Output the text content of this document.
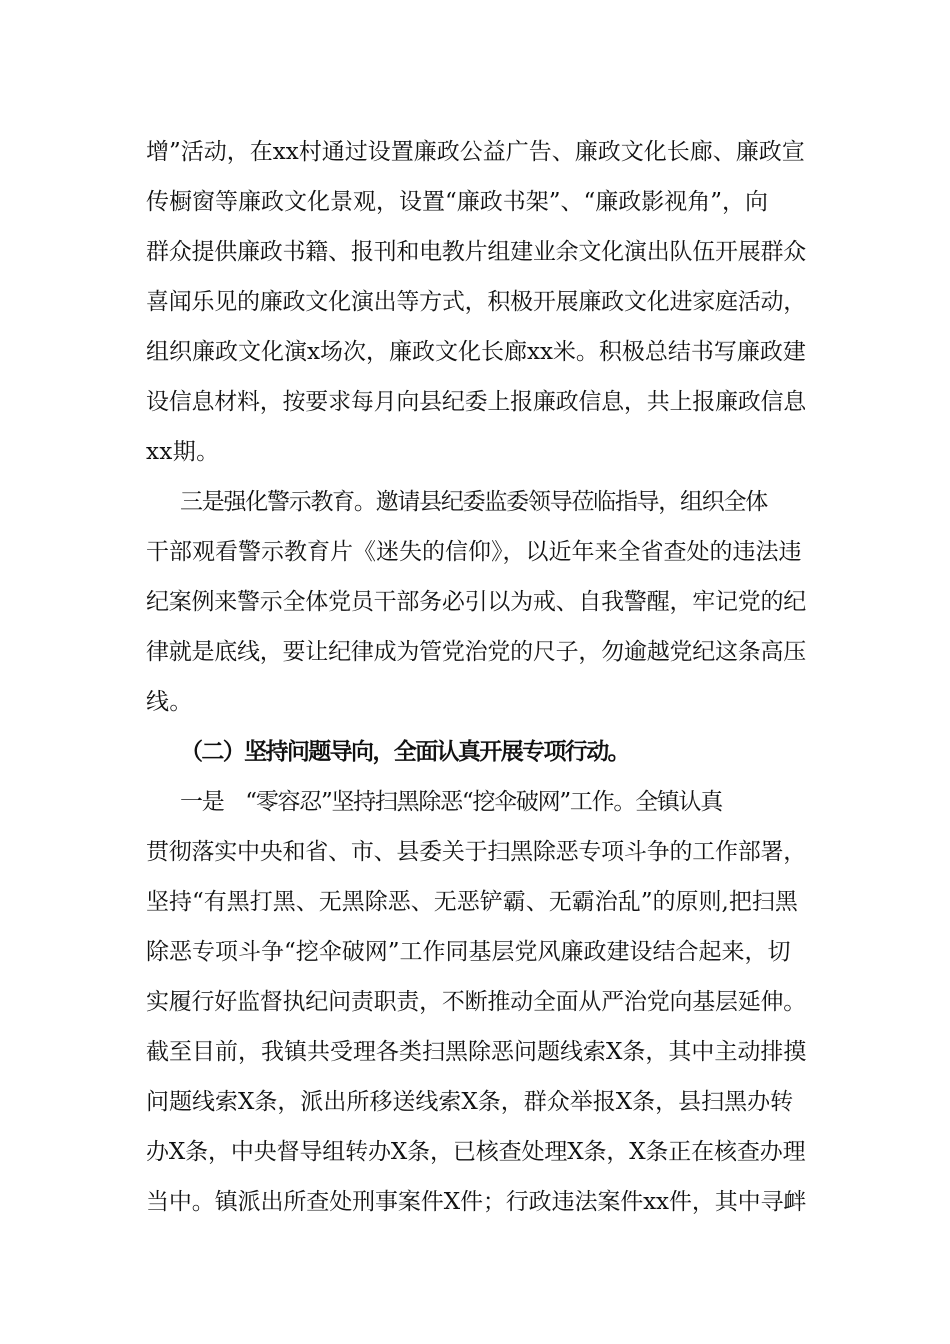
增”活动，在xx村通过设置廉政公益广告、廉政文化长廊、廉政宣
传橱窗等廉政文化景观，设置“廉政书架”、“廉政影视角”，向
群众提供廉政书籍、报刊和电教片组建业余文化演出队伍开展群众
喜闻乐见的廉政文化演出等方式，积极开展廉政文化进家庭活动，
组织廉政文化演x场次，廉政文化长廊xx米。积极总结书写廉政建
设信息材料，按要求每月向县纪委上报廉政信息，共上报廉政信息
xx期。
三是强化警示教育。邀请县纪委监委领导莅临指导，组织全体
干部观看警示教育片《迷失的信仰》，以近年来全省查处的违法违
纪案例来警示全体党员干部务必引以为戒、自我警醒，牢记党的纪
律就是底线，要让纪律成为管党治党的尺子，勿逾越党纪这条高压
线。
（二）坚持问题导向，全面认真开展专项行动。
一是　“零容忍”坚持扫黑除恶“挖伞破网”工作。全镇认真
贯彻落实中央和省、市、县委关于扫黑除恶专项斗争的工作部署，
坚持“有黑打黑、无黑除恶、无恶铲霸、无霸治乱”的原则,把扫黑
除恶专项斗争“挖伞破网”工作同基层党风廉政建设结合起来，切
实履行好监督执纪问责职责，不断推动全面从严治党向基层延伸。
截至目前，我镇共受理各类扫黑除恶问题线索X条，其中主动排摸
问题线索X条，派出所移送线索X条，群众举报X条，县扫黑办转
办X条，中央督导组转办X条，已核查处理X条，X条正在核查办理
当中。镇派出所查处刑事案件X件；行政违法案件xx件，其中寻衅
